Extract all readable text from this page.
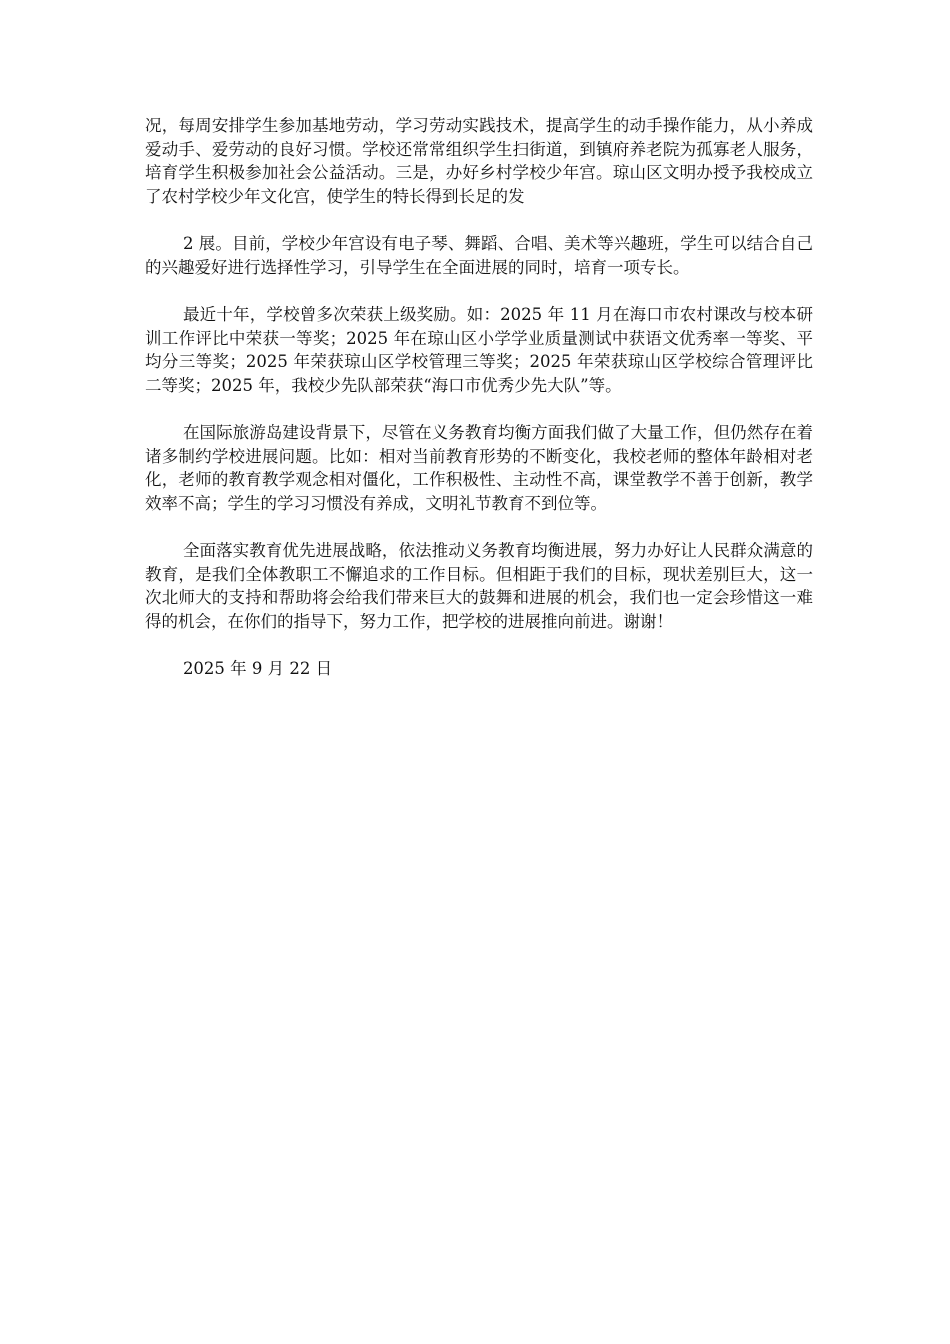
况，每周安排学生参加基地劳动，学习劳动实践技术，提高学生的动手操作能力，从小养成爱动手、爱劳动的良好习惯。学校还常常组织学生扫街道，到镇府养老院为孤寡老人服务，培育学生积极参加社会公益活动。三是，办好乡村学校少年宫。琼山区文明办授予我校成立了农村学校少年文化宫，使学生的特长得到长足的发

2 展。目前，学校少年宫设有电子琴、舞蹈、合唱、美术等兴趣班，学生可以结合自己的兴趣爱好进行选择性学习，引导学生在全面进展的同时，培育一项专长。

最近十年，学校曾多次荣获上级奖励。如：2025 年 11 月在海口市农村课改与校本研训工作评比中荣获一等奖；2025 年在琼山区小学学业质量测试中获语文优秀率一等奖、平均分三等奖；2025 年荣获琼山区学校管理三等奖；2025 年荣获琼山区学校综合管理评比二等奖；2025 年，我校少先队部荣获“海口市优秀少先大队”等。

在国际旅游岛建设背景下，尽管在义务教育均衡方面我们做了大量工作，但仍然存在着诸多制约学校进展问题。比如：相对当前教育形势的不断变化，我校老师的整体年龄相对老化，老师的教育教学观念相对僵化，工作积极性、主动性不高，课堂教学不善于创新，教学效率不高；学生的学习习惯没有养成，文明礼节教育不到位等。

全面落实教育优先进展战略，依法推动义务教育均衡进展，努力办好让人民群众满意的教育，是我们全体教职工不懈追求的工作目标。但相距于我们的目标，现状差别巨大，这一次北师大的支持和帮助将会给我们带来巨大的鼓舞和进展的机会，我们也一定会珍惜这一难得的机会，在你们的指导下，努力工作，把学校的进展推向前进。谢谢！

2025 年 9 月 22 日
